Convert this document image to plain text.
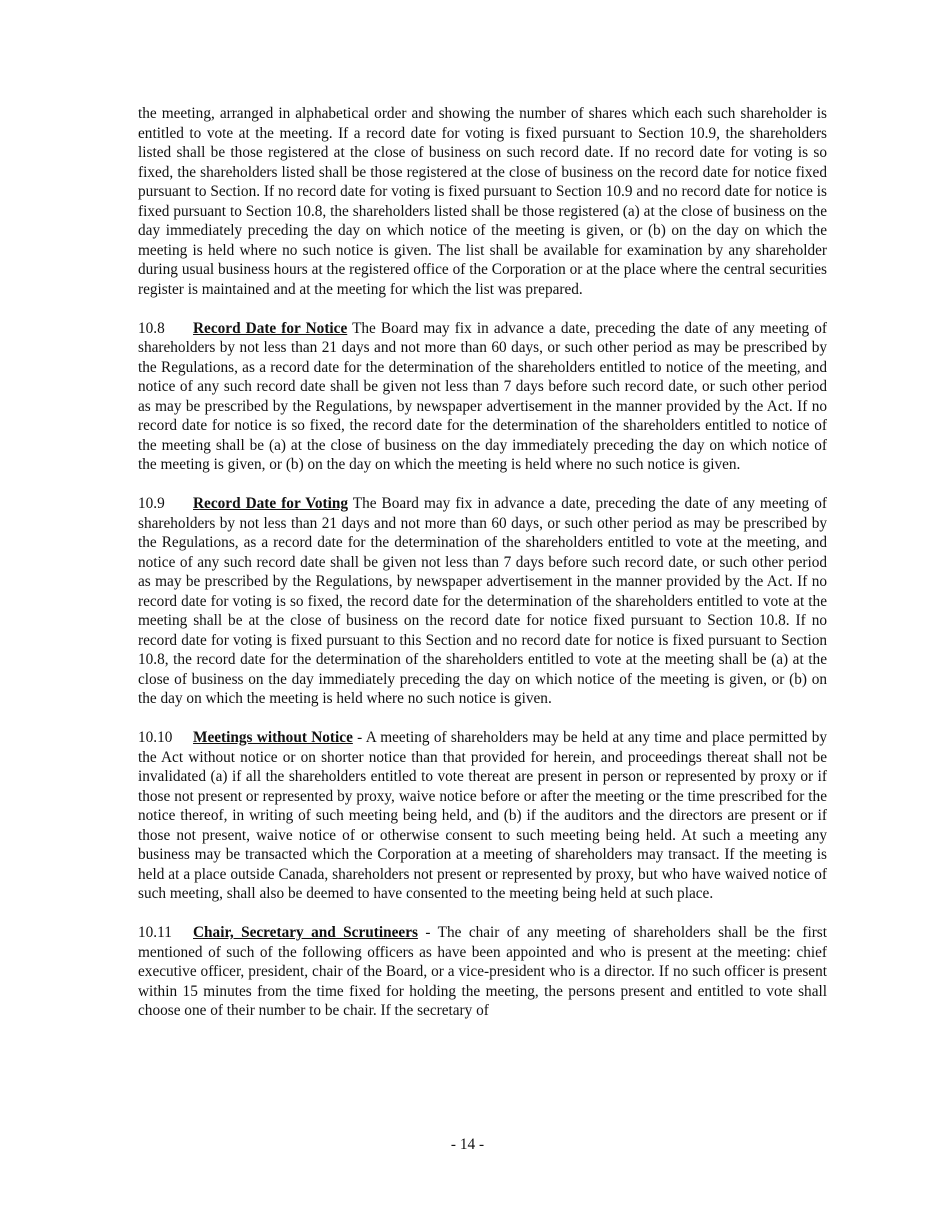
the meeting, arranged in alphabetical order and showing the number of shares which each such shareholder is entitled to vote at the meeting. If a record date for voting is fixed pursuant to Section 10.9, the shareholders listed shall be those registered at the close of business on such record date. If no record date for voting is so fixed, the shareholders listed shall be those registered at the close of business on the record date for notice fixed pursuant to Section. If no record date for voting is fixed pursuant to Section 10.9 and no record date for notice is fixed pursuant to Section 10.8, the shareholders listed shall be those registered (a) at the close of business on the day immediately preceding the day on which notice of the meeting is given, or (b) on the day on which the meeting is held where no such notice is given. The list shall be available for examination by any shareholder during usual business hours at the registered office of the Corporation or at the place where the central securities register is maintained and at the meeting for which the list was prepared.

10.8 Record Date for Notice The Board may fix in advance a date, preceding the date of any meeting of shareholders by not less than 21 days and not more than 60 days, or such other period as may be prescribed by the Regulations, as a record date for the determination of the shareholders entitled to notice of the meeting, and notice of any such record date shall be given not less than 7 days before such record date, or such other period as may be prescribed by the Regulations, by newspaper advertisement in the manner provided by the Act. If no record date for notice is so fixed, the record date for the determination of the shareholders entitled to notice of the meeting shall be (a) at the close of business on the day immediately preceding the day on which notice of the meeting is given, or (b) on the day on which the meeting is held where no such notice is given.

10.9 Record Date for Voting The Board may fix in advance a date, preceding the date of any meeting of shareholders by not less than 21 days and not more than 60 days, or such other period as may be prescribed by the Regulations, as a record date for the determination of the shareholders entitled to vote at the meeting, and notice of any such record date shall be given not less than 7 days before such record date, or such other period as may be prescribed by the Regulations, by newspaper advertisement in the manner provided by the Act. If no record date for voting is so fixed, the record date for the determination of the shareholders entitled to vote at the meeting shall be at the close of business on the record date for notice fixed pursuant to Section 10.8. If no record date for voting is fixed pursuant to this Section and no record date for notice is fixed pursuant to Section 10.8, the record date for the determination of the shareholders entitled to vote at the meeting shall be (a) at the close of business on the day immediately preceding the day on which notice of the meeting is given, or (b) on the day on which the meeting is held where no such notice is given.

10.10 Meetings without Notice - A meeting of shareholders may be held at any time and place permitted by the Act without notice or on shorter notice than that provided for herein, and proceedings thereat shall not be invalidated (a) if all the shareholders entitled to vote thereat are present in person or represented by proxy or if those not present or represented by proxy, waive notice before or after the meeting or the time prescribed for the notice thereof, in writing of such meeting being held, and (b) if the auditors and the directors are present or if those not present, waive notice of or otherwise consent to such meeting being held. At such a meeting any business may be transacted which the Corporation at a meeting of shareholders may transact. If the meeting is held at a place outside Canada, shareholders not present or represented by proxy, but who have waived notice of such meeting, shall also be deemed to have consented to the meeting being held at such place.

10.11 Chair, Secretary and Scrutineers - The chair of any meeting of shareholders shall be the first mentioned of such of the following officers as have been appointed and who is present at the meeting: chief executive officer, president, chair of the Board, or a vice-president who is a director. If no such officer is present within 15 minutes from the time fixed for holding the meeting, the persons present and entitled to vote shall choose one of their number to be chair. If the secretary of

- 14 -
